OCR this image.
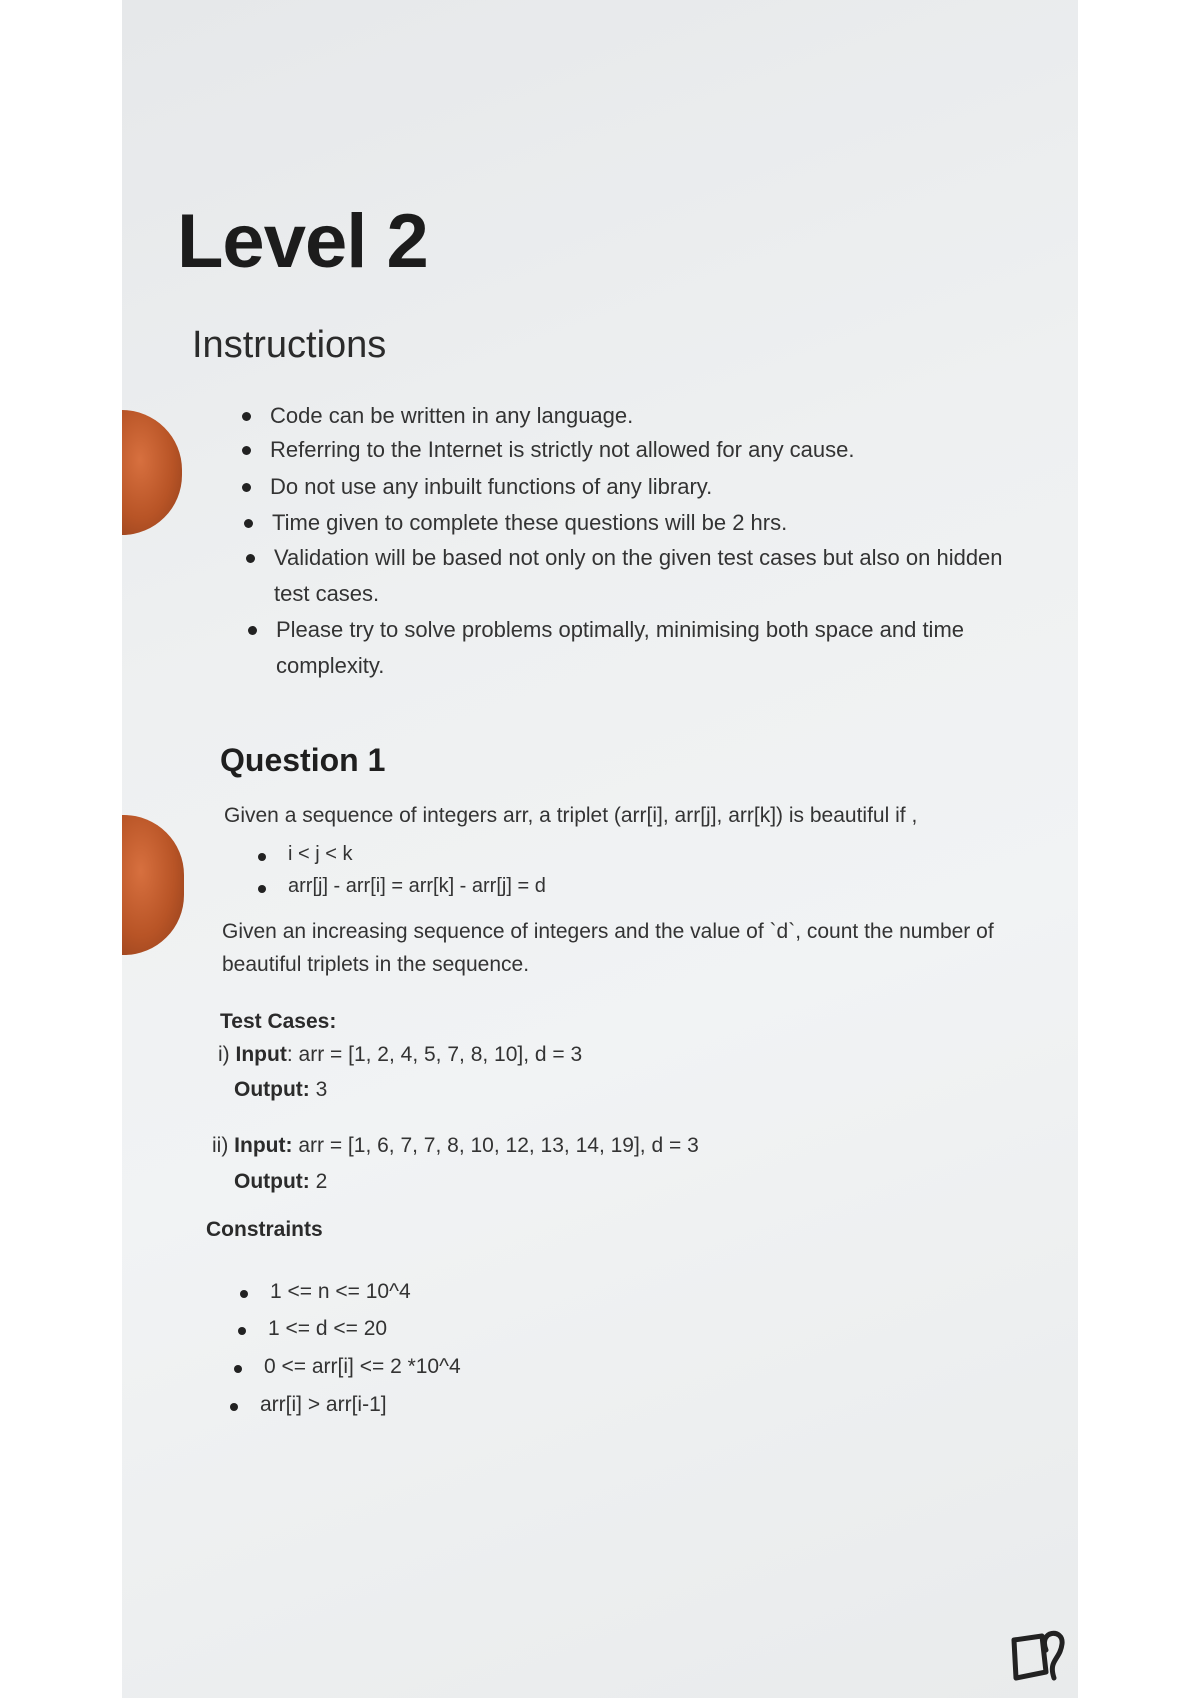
Level 2
Instructions
Code can be written in any language.
Referring to the Internet is strictly not allowed for any cause.
Do not use any inbuilt functions of any library.
Time given to complete these questions will be 2 hrs.
Validation will be based not only on the given test cases but also on hidden
test cases.
Please try to solve problems optimally, minimising both space and time
complexity.
Question 1
Given a sequence of integers arr, a triplet (arr[i], arr[j], arr[k]) is beautiful if ,
i < j < k
arr[j] - arr[i] = arr[k] - arr[j] = d
Given an increasing sequence of integers and the value of `d`, count the number of
beautiful triplets in the sequence.
Test Cases:
i) Input: arr = [1, 2, 4, 5, 7, 8, 10], d = 3
Output: 3
ii) Input: arr = [1, 6, 7, 7, 8, 10, 12, 13, 14, 19], d = 3
Output: 2
Constraints
1 <= n <= 10^4
1 <= d <= 20
0 <= arr[i] <= 2 *10^4
arr[i] > arr[i-1]
